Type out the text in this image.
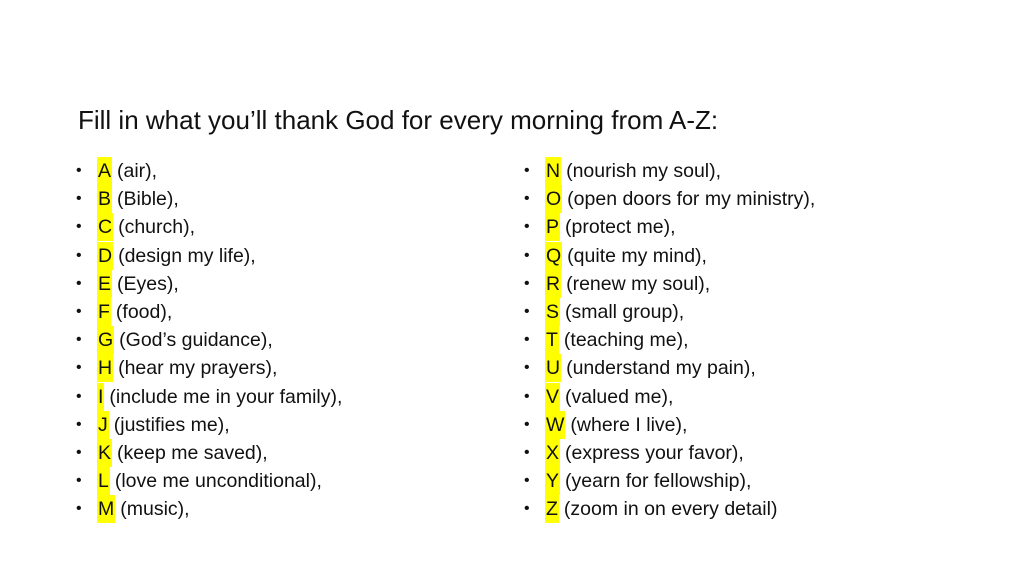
Fill in what you’ll thank God for every morning from A-Z:
• A (air),
• B (Bible),
• C (church),
• D (design my life),
• E (Eyes),
• F (food),
• G (God’s guidance),
• H (hear my prayers),
• I (include me in your family),
• J (justifies me),
• K (keep me saved),
• L (love me unconditional),
• M (music),
• N (nourish my soul),
• O (open doors for my ministry),
• P (protect me),
• Q (quite my mind),
• R (renew my soul),
• S (small group),
• T (teaching me),
• U (understand my pain),
• V (valued me),
• W (where I live),
• X (express your favor),
• Y (yearn for fellowship),
• Z (zoom in on every detail)
